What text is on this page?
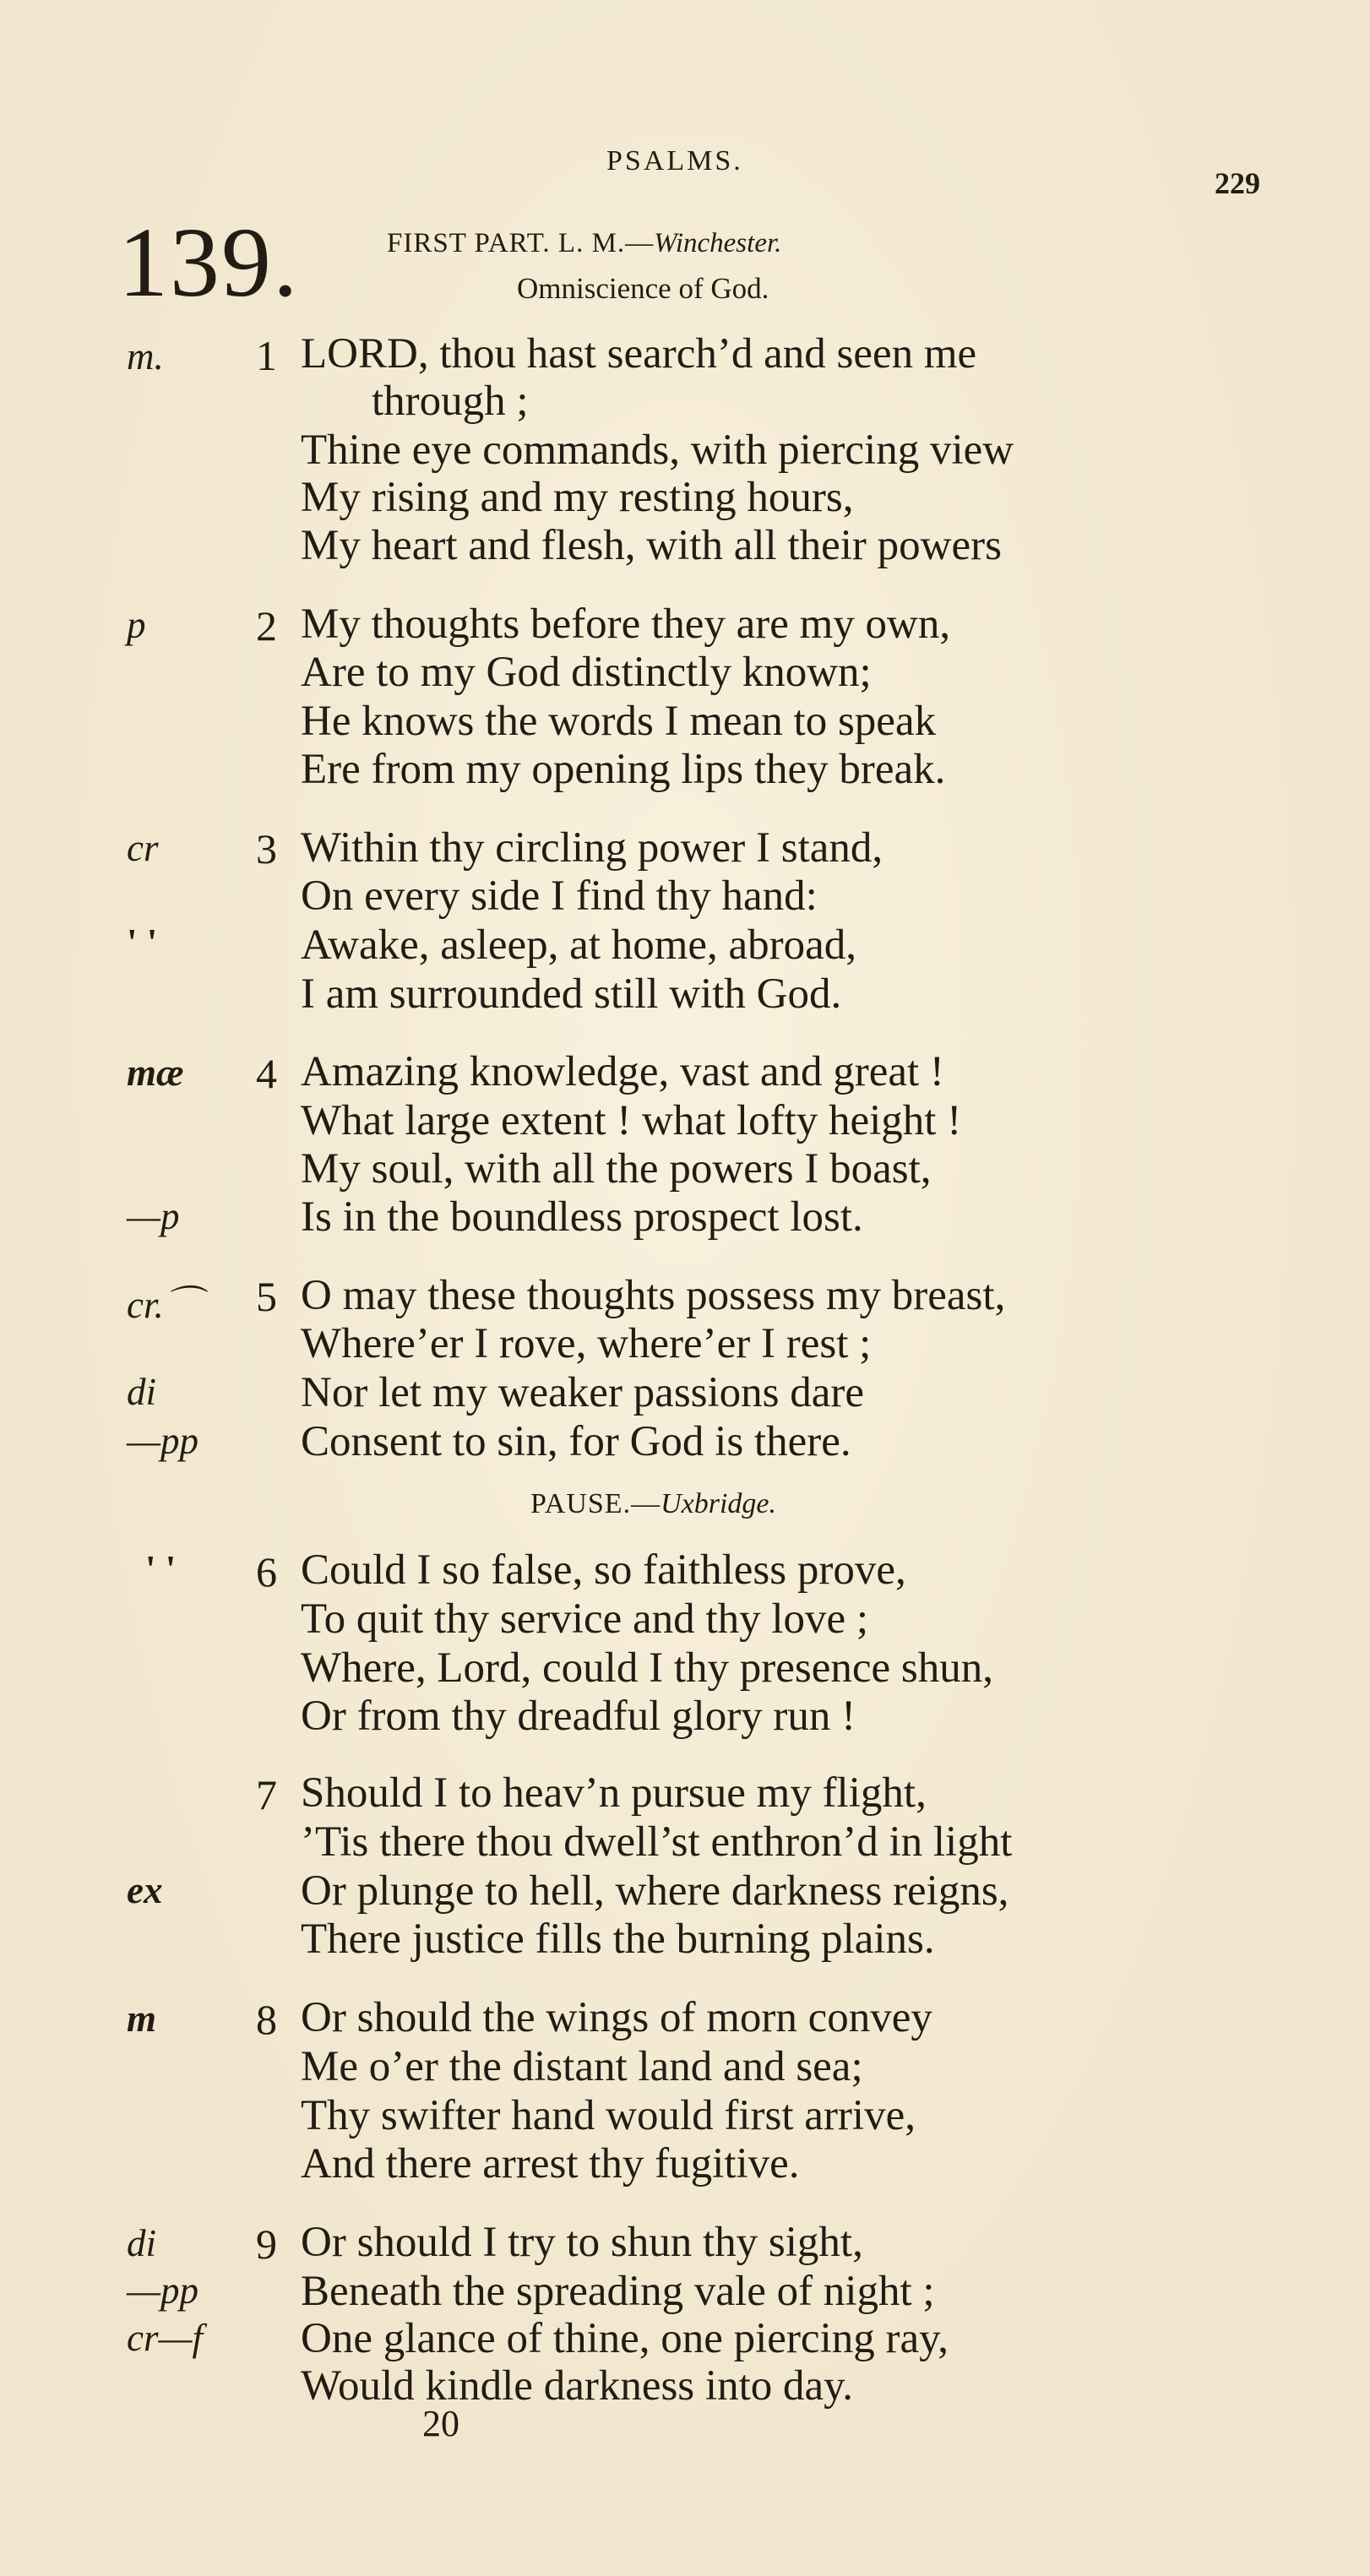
PSALMS.
229
139.	FIRST PART. L. M.—Winchester.
Omniscience of God.
m.	1 LORD, thou hast search’d and seen me
through ;
Thine eye commands, with piercing view
My rising and my resting hours,
My heart and flesh, with all their powers
p	2 My thoughts before they are my own,
Are to my God distinctly known;
He knows the words I mean to speak
Ere from my opening lips they break.
cr	3 Within thy circling power I stand,
On every side I find thy hand:
' '	Awake, asleep, at home, abroad,
I am surrounded still with God.
mæ	4 Amazing knowledge, vast and great !
What large extent ! what lofty height !
My soul, with all the powers I boast,
—p	Is in the boundless prospect lost.
cr.⌒	5 O may these thoughts possess my breast,
Where’er I rove, where’er I rest ;
di	Nor let my weaker passions dare
—pp Consent to sin, for God is there.
PAUSE.—Uxbridge.
' '	6 Could I so false, so faithless prove,
To quit thy service and thy love ;
Where, Lord, could I thy presence shun,
Or from thy dreadful glory run !
7 Should I to heav’n pursue my flight,
’Tis there thou dwell’st enthron’d in light
ex	Or plunge to hell, where darkness reigns,
There justice fills the burning plains.
m	8 Or should the wings of morn convey
Me o’er the distant land and sea;
Thy swifter hand would first arrive,
And there arrest thy fugitive.
di	9 Or should I try to shun thy sight,
—pp Beneath the spreading vale of night ;
cr—f One glance of thine, one piercing ray,
Would kindle darkness into day.
20
